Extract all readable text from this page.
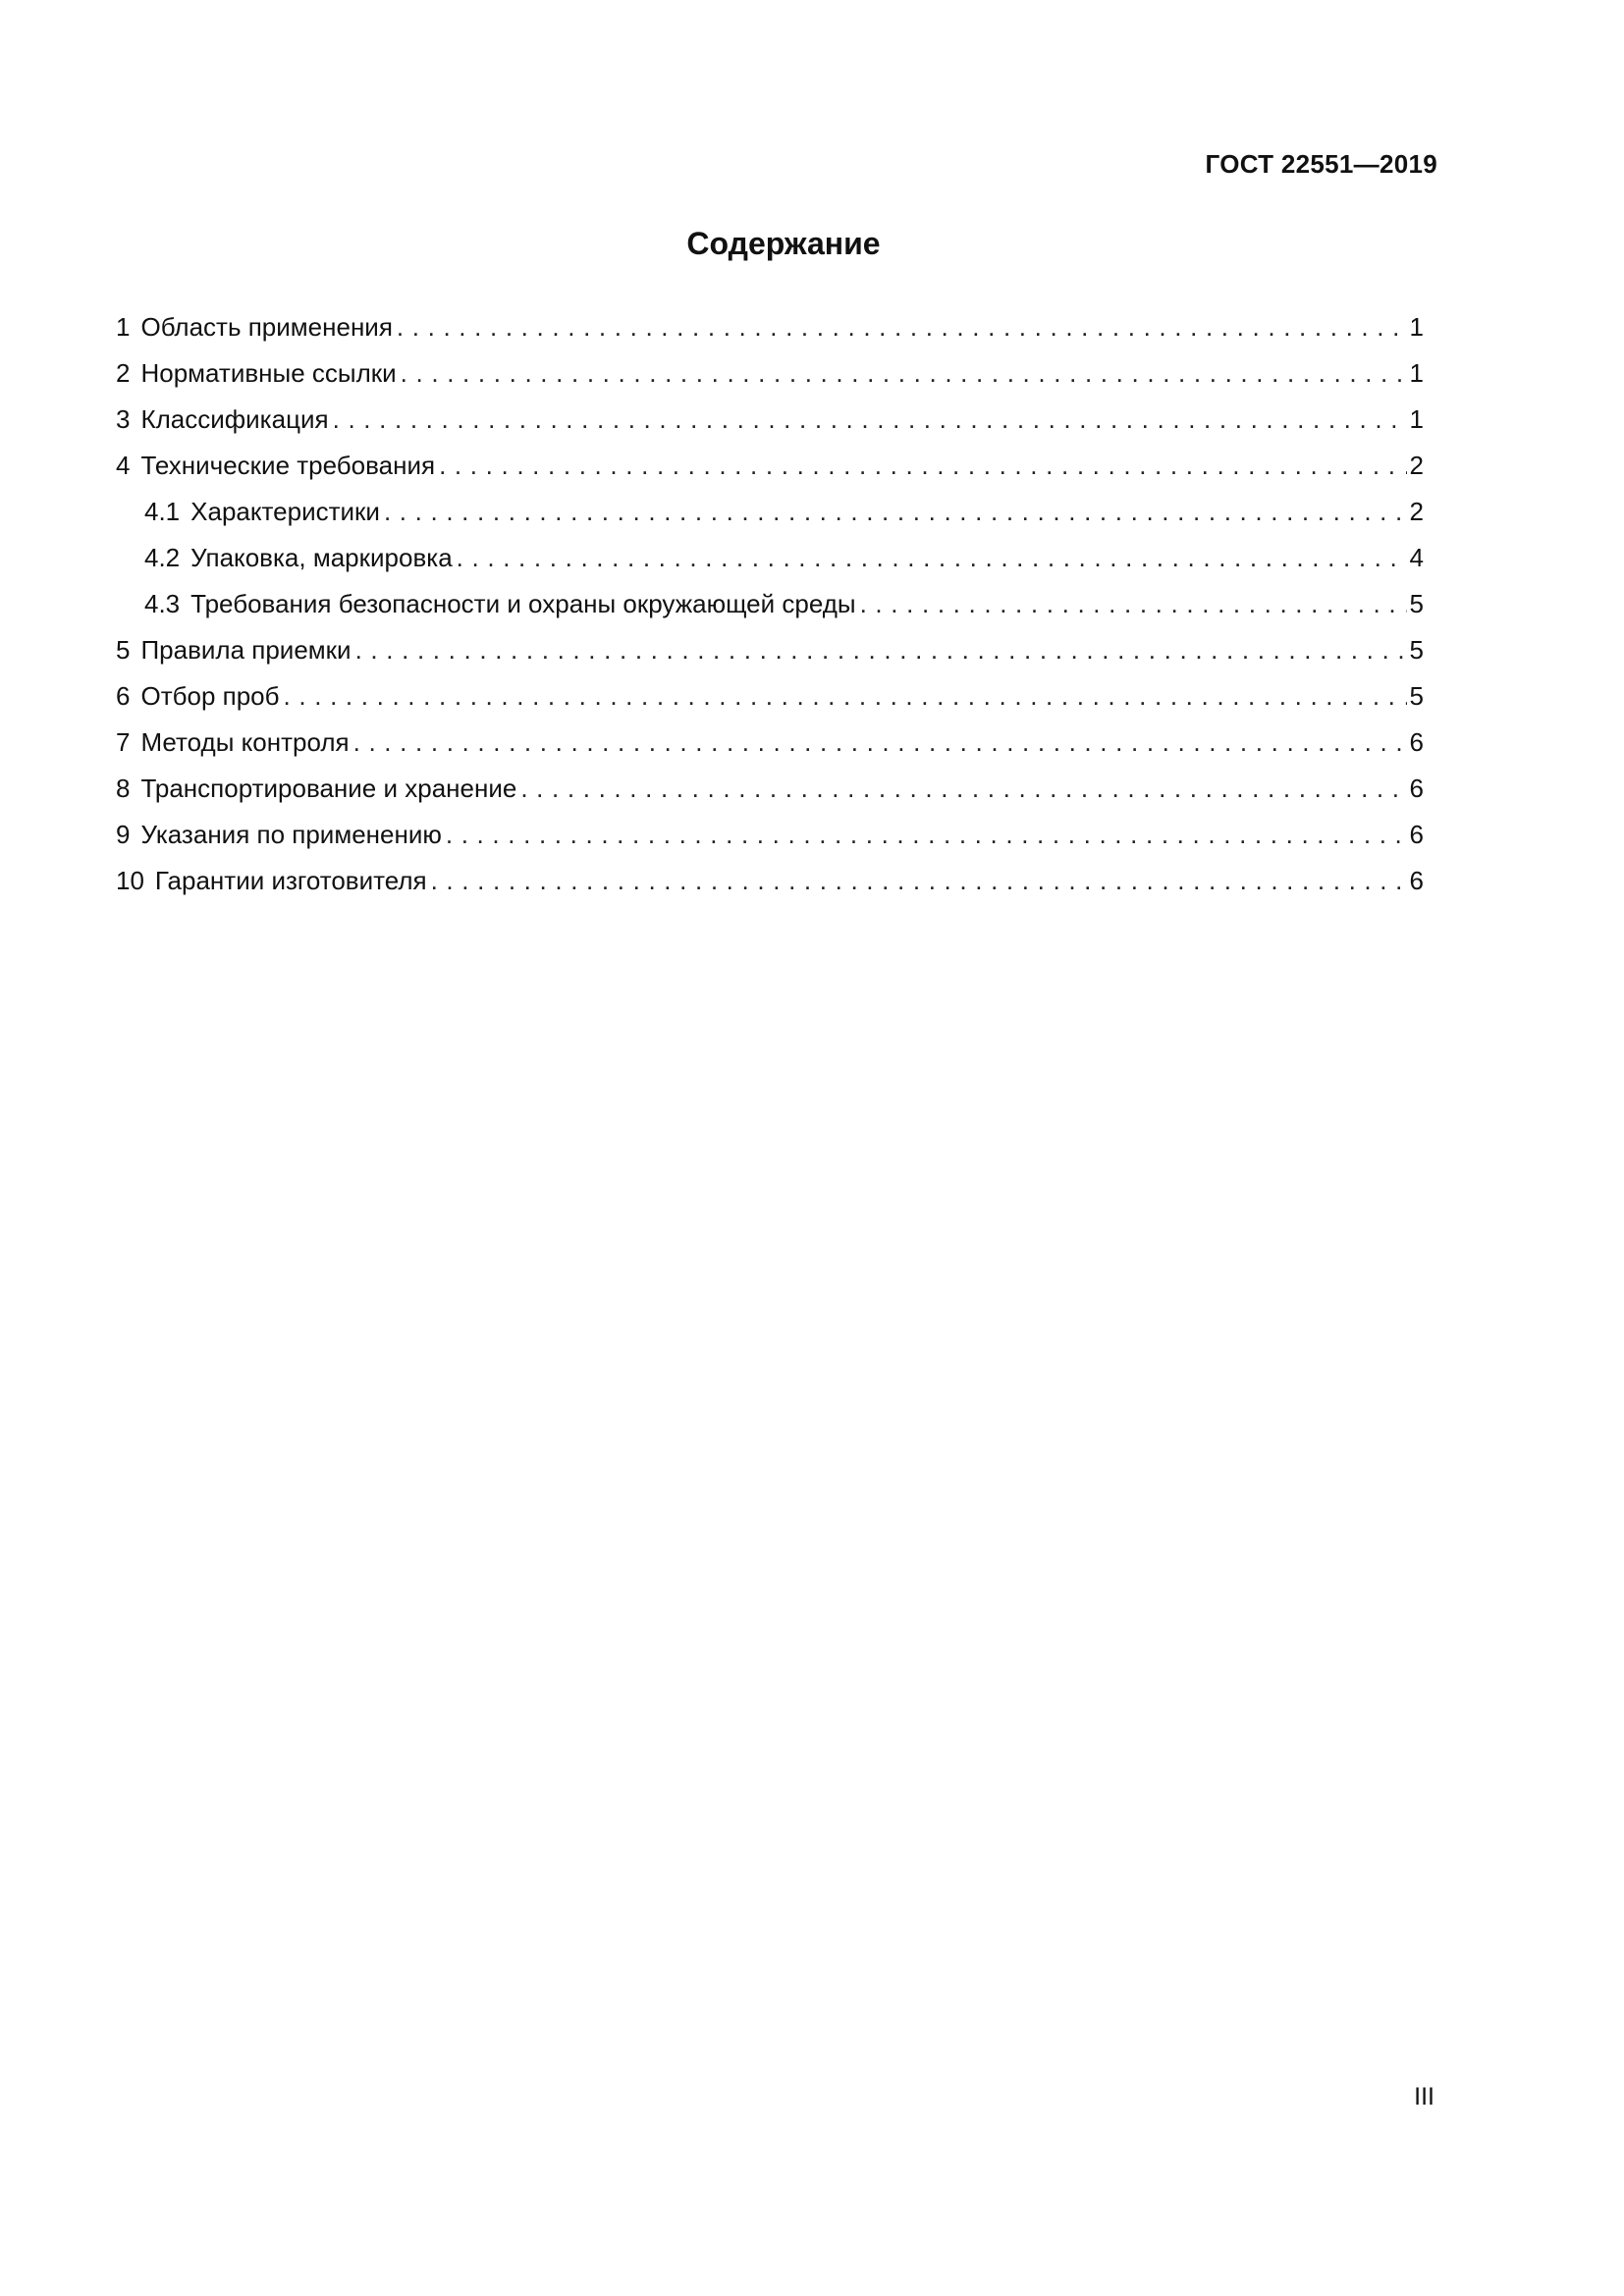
ГОСТ 22551—2019
Содержание
1 Область применения . . .	1
2 Нормативные ссылки . . .	1
3 Классификация . . .	1
4 Технические требования . . .	2
4.1 Характеристики . . .	2
4.2 Упаковка, маркировка . . .	4
4.3 Требования безопасности и охраны окружающей среды . . .	5
5 Правила приемки . . .	5
6 Отбор проб . . .	5
7 Методы контроля . . .	6
8 Транспортирование и хранение . . .	6
9 Указания по применению . . .	6
10 Гарантии изготовителя . . .	6
III
